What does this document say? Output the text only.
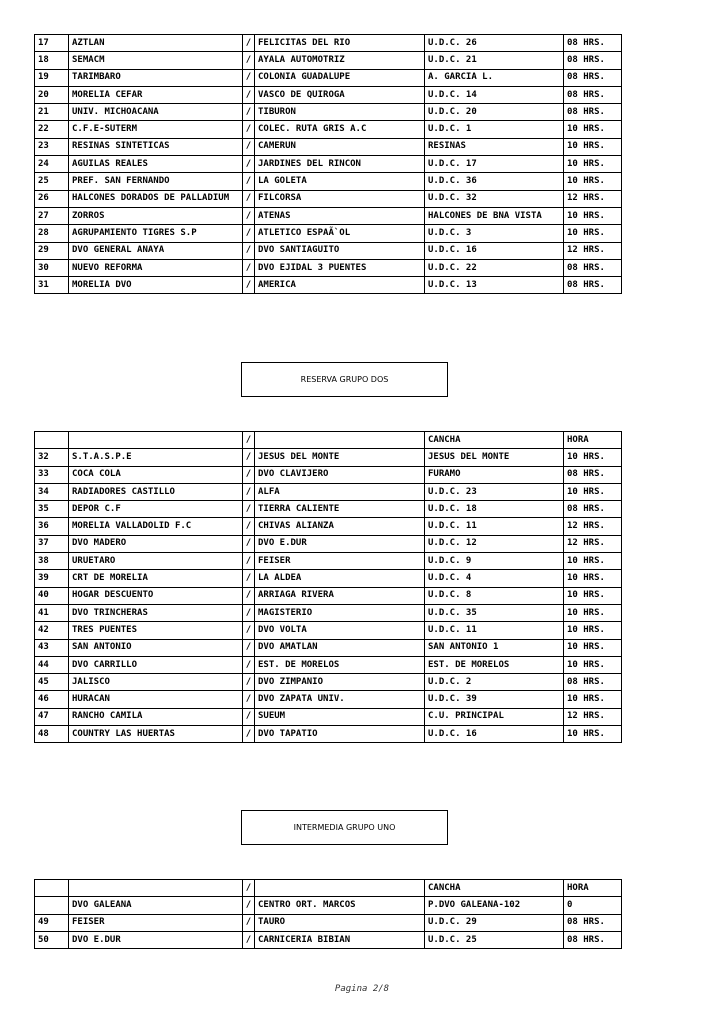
17	AZTLAN	/	FELICITAS DEL RIO	U.D.C. 26	08 HRS.
18	SEMACM	/	AYALA AUTOMOTRIZ	U.D.C. 21	08 HRS.
19	TARIMBARO	/	COLONIA GUADALUPE	A. GARCIA L.	08 HRS.
20	MORELIA CEFAR	/	VASCO DE QUIROGA	U.D.C. 14	08 HRS.
21	UNIV. MICHOACANA	/	TIBURON	U.D.C. 20	08 HRS.
22	C.F.E-SUTERM	/	COLEC. RUTA GRIS A.C	U.D.C. 1	10 HRS.
23	RESINAS SINTETICAS	/	CAMERUN	RESINAS	10 HRS.
24	AGUILAS REALES	/	JARDINES DEL RINCON	U.D.C. 17	10 HRS.
25	PREF. SAN FERNANDO	/	LA GOLETA	U.D.C. 36	10 HRS.
26	HALCONES DORADOS DE PALLADIUM	/	FILCORSA	U.D.C. 32	12 HRS.
27	ZORROS	/	ATENAS	HALCONES DE BNA VISTA	10 HRS.
28	AGRUPAMIENTO TIGRES S.P	/	ATLETICO ESPAÃ`OL	U.D.C. 3	10 HRS.
29	DVO GENERAL ANAYA	/	DVO SANTIAGUITO	U.D.C. 16	12 HRS.
30	NUEVO REFORMA	/	DVO EJIDAL 3 PUENTES	U.D.C. 22	08 HRS.
31	MORELIA DVO	/	AMERICA	U.D.C. 13	08 HRS.
RESERVA GRUPO DOS
		/		CANCHA	HORA
32	S.T.A.S.P.E	/	JESUS DEL MONTE	JESUS DEL MONTE	10 HRS.
33	COCA COLA	/	DVO CLAVIJERO	FURAMO	08 HRS.
34	RADIADORES CASTILLO	/	ALFA	U.D.C. 23	10 HRS.
35	DEPOR C.F	/	TIERRA CALIENTE	U.D.C. 18	08 HRS.
36	MORELIA VALLADOLID F.C	/	CHIVAS ALIANZA	U.D.C. 11	12 HRS.
37	DVO MADERO	/	DVO E.DUR	U.D.C. 12	12 HRS.
38	URUETARO	/	FEISER	U.D.C. 9	10 HRS.
39	CRT DE MORELIA	/	LA ALDEA	U.D.C. 4	10 HRS.
40	HOGAR DESCUENTO	/	ARRIAGA RIVERA	U.D.C. 8	10 HRS.
41	DVO TRINCHERAS	/	MAGISTERIO	U.D.C. 35	10 HRS.
42	TRES PUENTES	/	DVO VOLTA	U.D.C. 11	10 HRS.
43	SAN ANTONIO	/	DVO AMATLAN	SAN ANTONIO 1	10 HRS.
44	DVO CARRILLO	/	EST. DE MORELOS	EST. DE MORELOS	10 HRS.
45	JALISCO	/	DVO ZIMPANIO	U.D.C. 2	08 HRS.
46	HURACAN	/	DVO ZAPATA UNIV.	U.D.C. 39	10 HRS.
47	RANCHO CAMILA	/	SUEUM	C.U. PRINCIPAL	12 HRS.
48	COUNTRY LAS HUERTAS	/	DVO TAPATIO	U.D.C. 16	10 HRS.
INTERMEDIA GRUPO UNO
		/		CANCHA	HORA
	DVO GALEANA	/	CENTRO ORT. MARCOS	P.DVO GALEANA-102	0
49	FEISER	/	TAURO	U.D.C. 29	08 HRS.
50	DVO E.DUR	/	CARNICERIA BIBIAN	U.D.C. 25	08 HRS.
Pagina 2/8
